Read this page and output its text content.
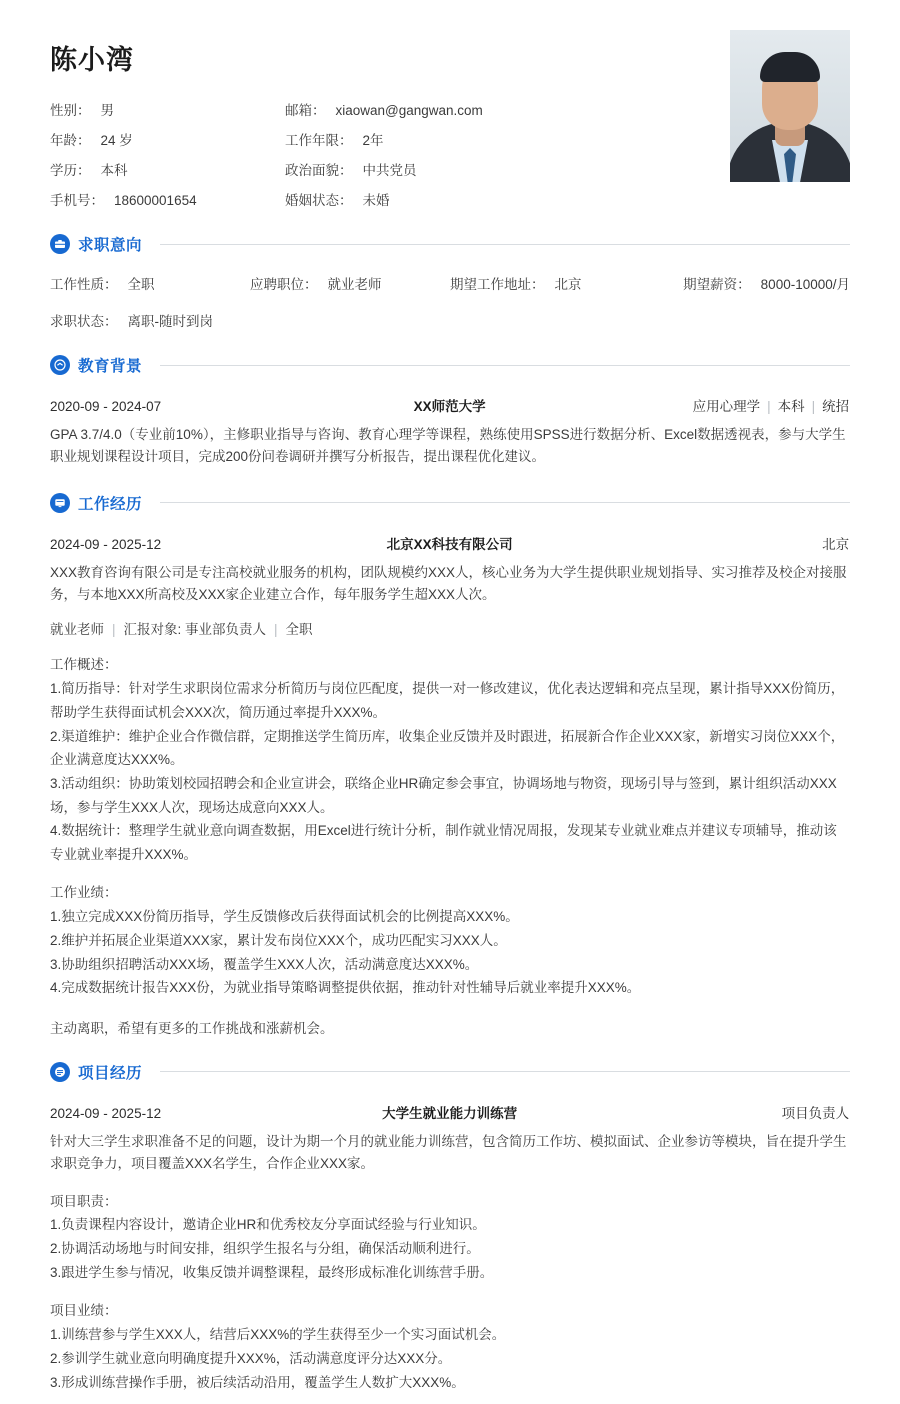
陈小湾
性别： 男	邮箱： xiaowan@gangwan.com
年龄： 24 岁	工作年限： 2年
学历： 本科	政治面貌： 中共党员
手机号： 18600001654	婚姻状态： 未婚
求职意向
工作性质： 全职	应聘职位： 就业老师	期望工作地址： 北京	期望薪资： 8000-10000/月
求职状态： 离职-随时到岗
教育背景
2020-09 - 2024-07	XX师范大学	应用心理学 | 本科 | 统招
GPA 3.7/4.0（专业前10%），主修职业指导与咨询、教育心理学等课程，熟练使用SPSS进行数据分析、Excel数据透视表，参与大学生职业规划课程设计项目，完成200份问卷调研并撰写分析报告，提出课程优化建议。
工作经历
2024-09 - 2025-12	北京XX科技有限公司	北京
XXX教育咨询有限公司是专注高校就业服务的机构，团队规模约XXX人，核心业务为大学生提供职业规划指导、实习推荐及校企对接服务，与本地XXX所高校及XXX家企业建立合作，每年服务学生超XXX人次。
就业老师 | 汇报对象: 事业部负责人 | 全职
工作概述：

1.简历指导：针对学生求职岗位需求分析简历与岗位匹配度，提供一对一修改建议，优化表达逻辑和亮点呈现，累计指导XXX份简历，帮助学生获得面试机会XXX次，简历通过率提升XXX%。

2.渠道维护：维护企业合作微信群，定期推送学生简历库，收集企业反馈并及时跟进，拓展新合作企业XXX家，新增实习岗位XXX个，企业满意度达XXX%。

3.活动组织：协助策划校园招聘会和企业宣讲会，联络企业HR确定参会事宜，协调场地与物资，现场引导与签到，累计组织活动XXX场，参与学生XXX人次，现场达成意向XXX人。

4.数据统计：整理学生就业意向调查数据，用Excel进行统计分析，制作就业情况周报，发现某专业就业难点并建议专项辅导，推动该专业就业率提升XXX%。

工作业绩：

1.独立完成XXX份简历指导，学生反馈修改后获得面试机会的比例提高XXX%。

2.维护并拓展企业渠道XXX家，累计发布岗位XXX个，成功匹配实习XXX人。

3.协助组织招聘活动XXX场，覆盖学生XXX人次，活动满意度达XXX%。

4.完成数据统计报告XXX份，为就业指导策略调整提供依据，推动针对性辅导后就业率提升XXX%。

主动离职，希望有更多的工作挑战和涨薪机会。
项目经历
2024-09 - 2025-12	大学生就业能力训练营	项目负责人
针对大三学生求职准备不足的问题，设计为期一个月的就业能力训练营，包含简历工作坊、模拟面试、企业参访等模块，旨在提升学生求职竞争力，项目覆盖XXX名学生，合作企业XXX家。
项目职责：

1.负责课程内容设计，邀请企业HR和优秀校友分享面试经验与行业知识。

2.协调活动场地与时间安排，组织学生报名与分组，确保活动顺利进行。

3.跟进学生参与情况，收集反馈并调整课程，最终形成标准化训练营手册。

项目业绩：

1.训练营参与学生XXX人，结营后XXX%的学生获得至少一个实习面试机会。

2.参训学生就业意向明确度提升XXX%，活动满意度评分达XXX分。

3.形成训练营操作手册，被后续活动沿用，覆盖学生人数扩大XXX%。
